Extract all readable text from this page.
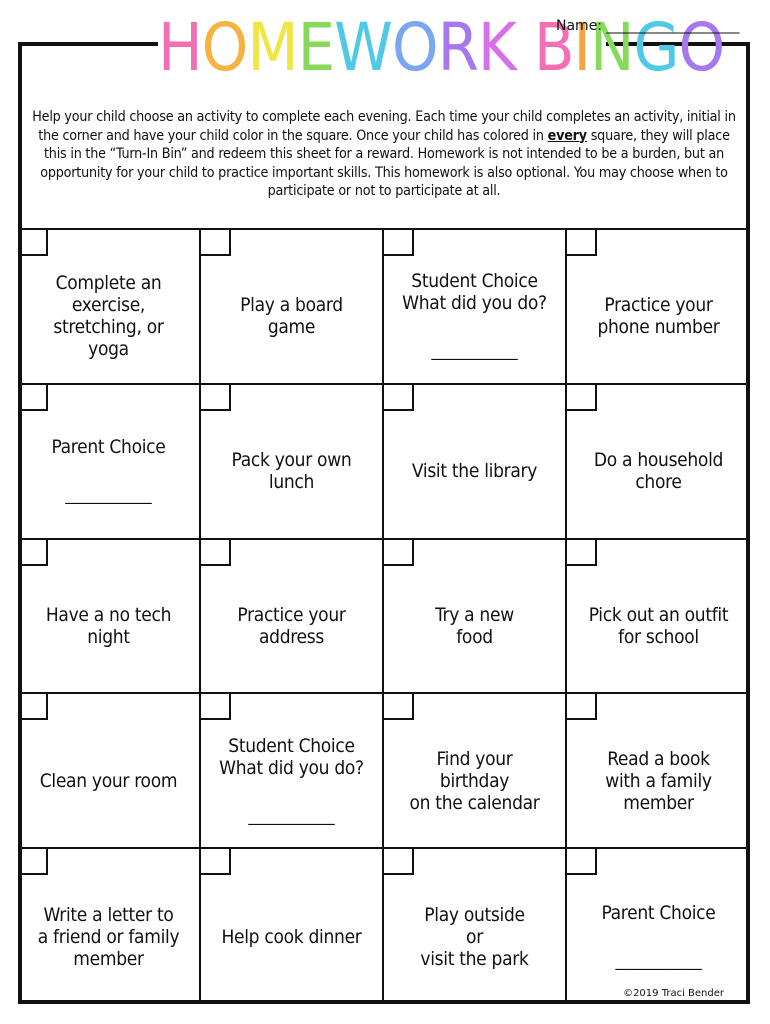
HOMEWORK BINGO
Name: ___________________

Help your child choose an activity to complete each evening. Each time your child completes an activity, initial in the corner and have your child color in the square. Once your child has colored in every square, they will place this in the “Turn-In Bin” and redeem this sheet for a reward. Homework is not intended to be a burden, but an opportunity for your child to practice important skills. This homework is also optional. You may choose when to participate or not to participate at all.

Complete an
exercise,
stretching, or
yoga
Play a board
game
Student Choice
What did you do?
____________
Practice your
phone number
Parent Choice
____________
Pack your own
lunch	Visit the library	Do a household
chore
Have a no tech
night
Practice your
address
Try a new
food
Pick out an outfit
for school
Clean your room
Student Choice
What did you do?
____________
Find your
birthday
on the calendar
Read a book
with a family
member
Write a letter to
a friend or family
member
Help cook dinner
Play outside
or
visit the park
Parent Choice
____________
©2019 Traci Bender
